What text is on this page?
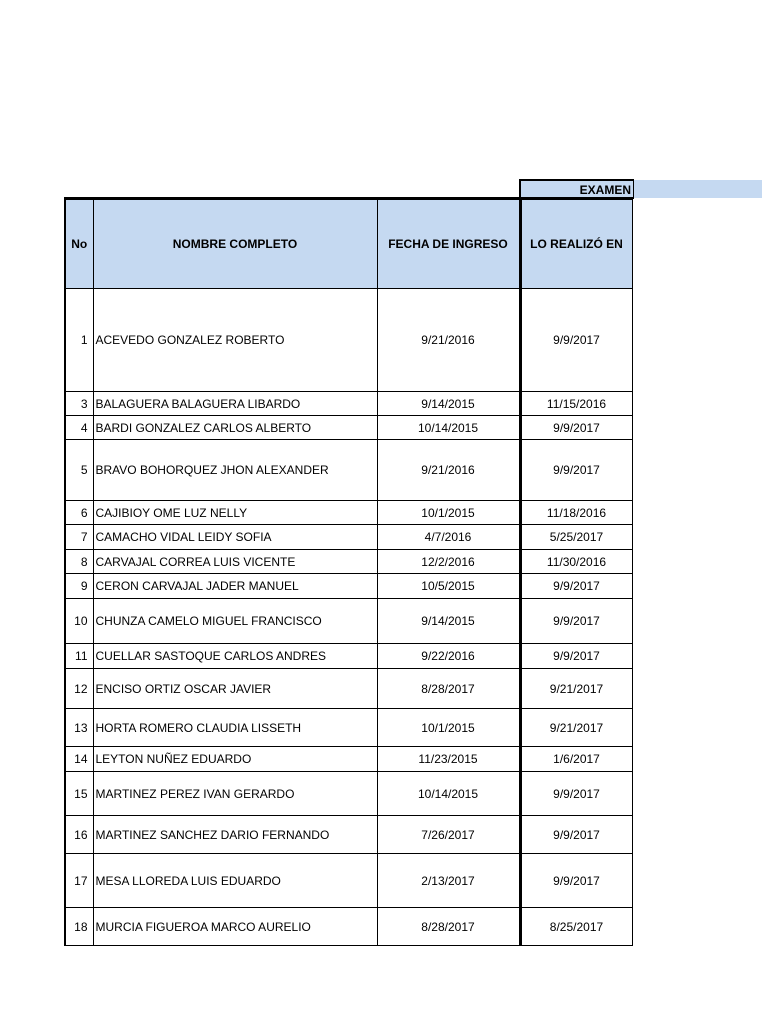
EXAMEN
No	NOMBRE COMPLETO	FECHA DE INGRESO	LO REALIZÓ EN
1	ACEVEDO GONZALEZ ROBERTO	9/21/2016	9/9/2017
3	BALAGUERA BALAGUERA LIBARDO	9/14/2015	11/15/2016
4	BARDI GONZALEZ CARLOS ALBERTO	10/14/2015	9/9/2017
5	BRAVO BOHORQUEZ JHON ALEXANDER	9/21/2016	9/9/2017
6	CAJIBIOY OME LUZ NELLY	10/1/2015	11/18/2016
7	CAMACHO VIDAL LEIDY SOFIA	4/7/2016	5/25/2017
8	CARVAJAL CORREA LUIS VICENTE	12/2/2016	11/30/2016
9	CERON CARVAJAL JADER MANUEL	10/5/2015	9/9/2017
10	CHUNZA CAMELO MIGUEL FRANCISCO	9/14/2015	9/9/2017
11	CUELLAR SASTOQUE CARLOS ANDRES	9/22/2016	9/9/2017
12	ENCISO ORTIZ OSCAR JAVIER	8/28/2017	9/21/2017
13	HORTA ROMERO CLAUDIA LISSETH	10/1/2015	9/21/2017
14	LEYTON NUÑEZ EDUARDO	11/23/2015	1/6/2017
15	MARTINEZ PEREZ IVAN GERARDO	10/14/2015	9/9/2017
16	MARTINEZ SANCHEZ DARIO FERNANDO	7/26/2017	9/9/2017
17	MESA LLOREDA LUIS EDUARDO	2/13/2017	9/9/2017
18	MURCIA FIGUEROA MARCO AURELIO	8/28/2017	8/25/2017
